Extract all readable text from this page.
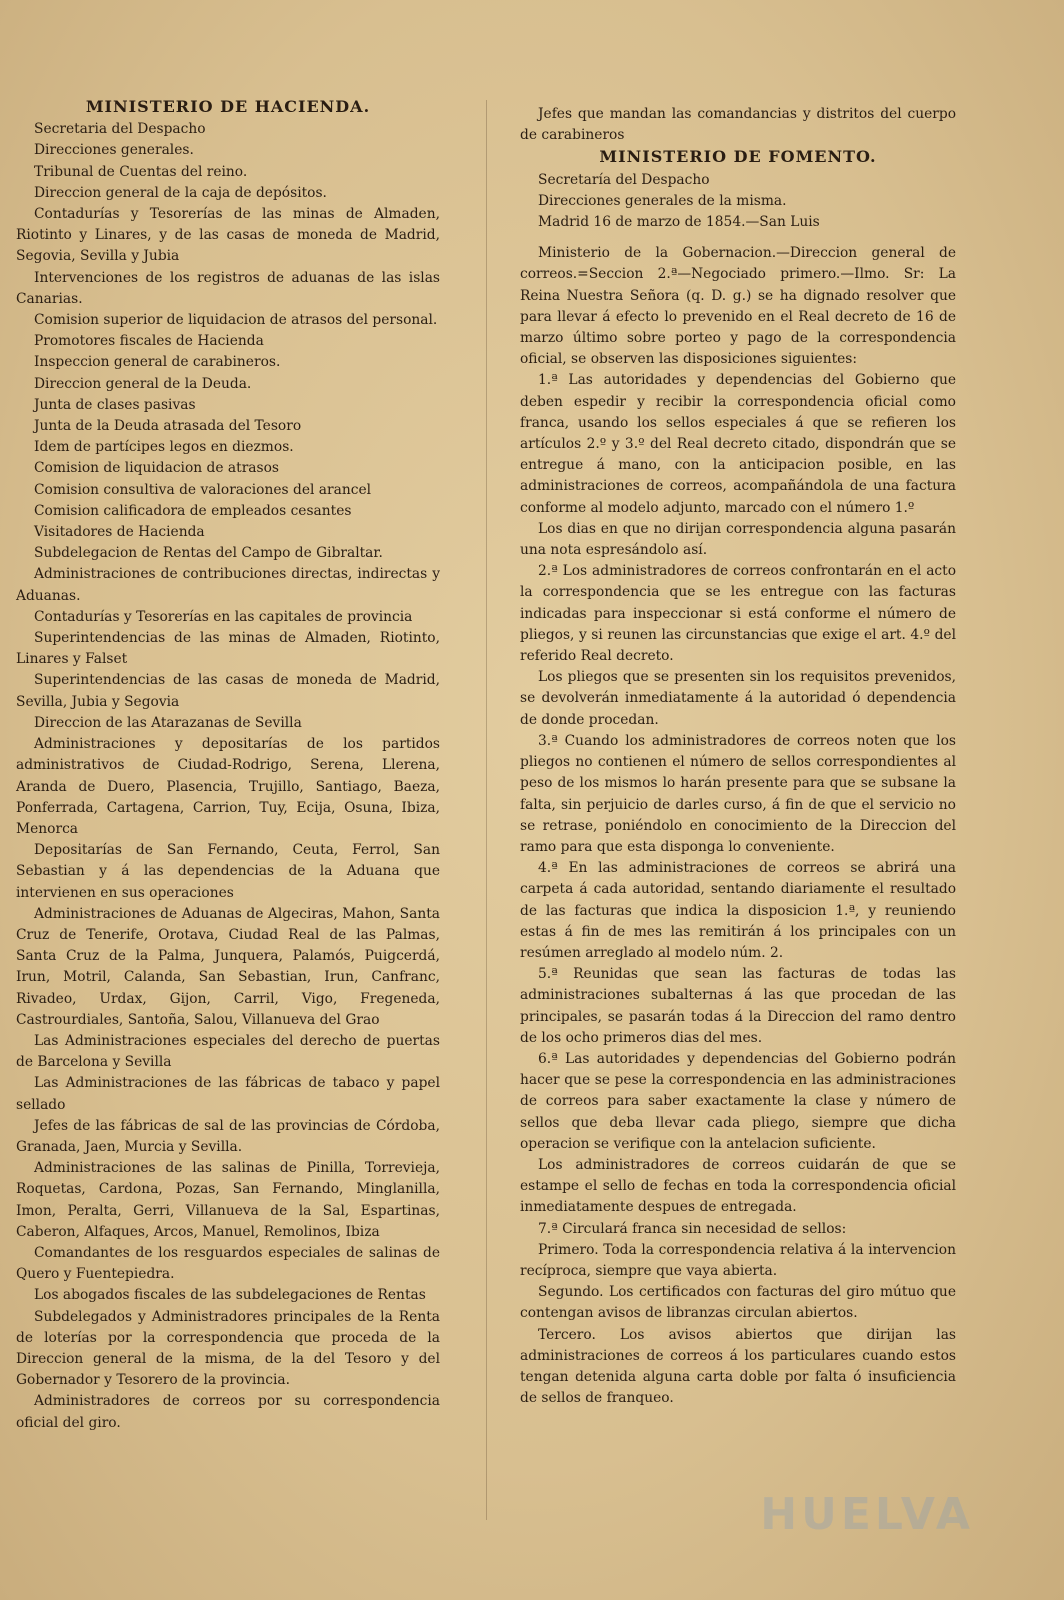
MINISTERIO DE HACIENDA.

Secretaria del Despacho

Direcciones generales.

Tribunal de Cuentas del reino.

Direccion general de la caja de depósitos.

Contadurías y Tesorerías de las minas de Almaden, Riotinto y Linares, y de las casas de moneda de Madrid, Segovia, Sevilla y Jubia

Intervenciones de los registros de aduanas de las islas Canarias.

Comision superior de liquidacion de atrasos del personal.

Promotores fiscales de Hacienda

Inspeccion general de carabineros.

Direccion general de la Deuda.

Junta de clases pasivas

Junta de la Deuda atrasada del Tesoro

Idem de partícipes legos en diezmos.

Comision de liquidacion de atrasos

Comision consultiva de valoraciones del arancel

Comision calificadora de empleados cesantes

Visitadores de Hacienda

Subdelegacion de Rentas del Campo de Gibraltar.

Administraciones de contribuciones directas, indirectas y Aduanas.

Contadurías y Tesorerías en las capitales de provincia

Superintendencias de las minas de Almaden, Riotinto, Linares y Falset

Superintendencias de las casas de moneda de Madrid, Sevilla, Jubia y Segovia

Direccion de las Atarazanas de Sevilla

Administraciones y depositarías de los partidos administrativos de Ciudad-Rodrigo, Serena, Llerena, Aranda de Duero, Plasencia, Trujillo, Santiago, Baeza, Ponferrada, Cartagena, Carrion, Tuy, Ecija, Osuna, Ibiza, Menorca

Depositarías de San Fernando, Ceuta, Ferrol, San Sebastian y á las dependencias de la Aduana que intervienen en sus operaciones

Administraciones de Aduanas de Algeciras, Mahon, Santa Cruz de Tenerife, Orotava, Ciudad Real de las Palmas, Santa Cruz de la Palma, Junquera, Palamós, Puigcerdá, Irun, Motril, Calanda, San Sebastian, Irun, Canfranc, Rivadeo, Urdax, Gijon, Carril, Vigo, Fregeneda, Castrourdiales, Santoña, Salou, Villanueva del Grao

Las Administraciones especiales del derecho de puertas de Barcelona y Sevilla

Las Administraciones de las fábricas de tabaco y papel sellado

Jefes de las fábricas de sal de las provincias de Córdoba, Granada, Jaen, Murcia y Sevilla.

Administraciones de las salinas de Pinilla, Torrevieja, Roquetas, Cardona, Pozas, San Fernando, Minglanilla, Imon, Peralta, Gerri, Villanueva de la Sal, Espartinas, Caberon, Alfaques, Arcos, Manuel, Remolinos, Ibiza

Comandantes de los resguardos especiales de salinas de Quero y Fuentepiedra.

Los abogados fiscales de las subdelegaciones de Rentas

Subdelegados y Administradores principales de la Renta de loterías por la correspondencia que proceda de la Direccion general de la misma, de la del Tesoro y del Gobernador y Tesorero de la provincia.

Administradores de correos por su correspondencia oficial del giro.

Jefes que mandan las comandancias y distritos del cuerpo de carabineros

MINISTERIO DE FOMENTO.

Secretaría del Despacho

Direcciones generales de la misma.

Madrid 16 de marzo de 1854.—San Luis

Ministerio de la Gobernacion.—Direccion general de correos.=Seccion 2.ª—Negociado primero.—Ilmo. Sr: La Reina Nuestra Señora (q. D. g.) se ha dignado resolver que para llevar á efecto lo prevenido en el Real decreto de 16 de marzo último sobre porteo y pago de la correspondencia oficial, se observen las disposiciones siguientes:

1.ª Las autoridades y dependencias del Gobierno que deben espedir y recibir la correspondencia oficial como franca, usando los sellos especiales á que se refieren los artículos 2.º y 3.º del Real decreto citado, dispondrán que se entregue á mano, con la anticipacion posible, en las administraciones de correos, acompañándola de una factura conforme al modelo adjunto, marcado con el número 1.º

Los dias en que no dirijan correspondencia alguna pasarán una nota espresándolo así.

2.ª Los administradores de correos confrontarán en el acto la correspondencia que se les entregue con las facturas indicadas para inspeccionar si está conforme el número de pliegos, y si reunen las circunstancias que exige el art. 4.º del referido Real decreto.

Los pliegos que se presenten sin los requisitos prevenidos, se devolverán inmediatamente á la autoridad ó dependencia de donde procedan.

3.ª Cuando los administradores de correos noten que los pliegos no contienen el número de sellos correspondientes al peso de los mismos lo harán presente para que se subsane la falta, sin perjuicio de darles curso, á fin de que el servicio no se retrase, poniéndolo en conocimiento de la Direccion del ramo para que esta disponga lo conveniente.

4.ª En las administraciones de correos se abrirá una carpeta á cada autoridad, sentando diariamente el resultado de las facturas que indica la disposicion 1.ª, y reuniendo estas á fin de mes las remitirán á los principales con un resúmen arreglado al modelo núm. 2.

5.ª Reunidas que sean las facturas de todas las administraciones subalternas á las que procedan de las principales, se pasarán todas á la Direccion del ramo dentro de los ocho primeros dias del mes.

6.ª Las autoridades y dependencias del Gobierno podrán hacer que se pese la correspondencia en las administraciones de correos para saber exactamente la clase y número de sellos que deba llevar cada pliego, siempre que dicha operacion se verifique con la antelacion suficiente.

Los administradores de correos cuidarán de que se estampe el sello de fechas en toda la correspondencia oficial inmediatamente despues de entregada.

7.ª Circulará franca sin necesidad de sellos:

Primero. Toda la correspondencia relativa á la intervencion recíproca, siempre que vaya abierta.

Segundo. Los certificados con facturas del giro mútuo que contengan avisos de libranzas circulan abiertos.

Tercero. Los avisos abiertos que dirijan las administraciones de correos á los particulares cuando estos tengan detenida alguna carta doble por falta ó insuficiencia de sellos de franqueo.

HUELVA
